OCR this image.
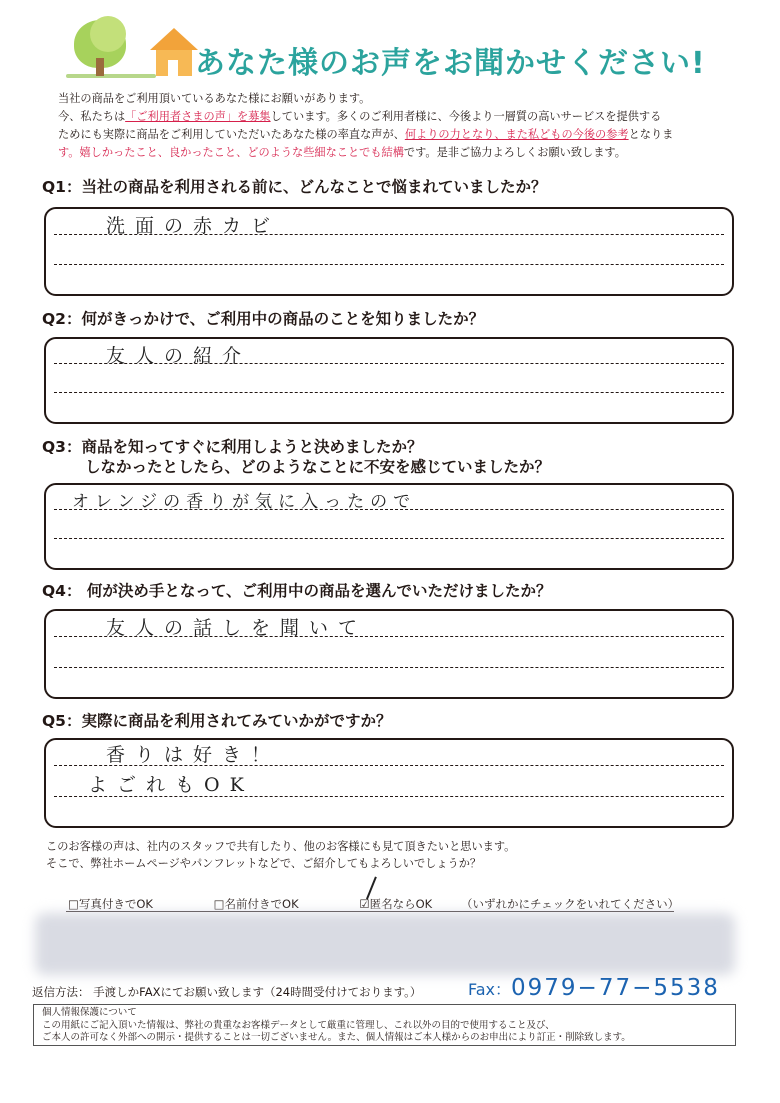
あなた様のお声をお聞かせください!

当社の商品をご利用頂いているあなた様にお願いがあります。

今、私たちは「ご利用者さまの声」を募集しています。多くのご利用者様に、今後より一層質の高いサービスを提供する

ためにも実際に商品をご利用していただいたあなた様の率直な声が、何よりの力となり、また私どもの今後の参考となりま

す。嬉しかったこと、良かったこと、どのような些細なことでも結構です。是非ご協力よろしくお願い致します。

Q1：当社の商品を利用される前に、どんなことで悩まれていましたか？
洗面の赤カビ
Q2：何がきっかけで、ご利用中の商品のことを知りましたか？
友人の紹介
Q3：商品を知ってすぐに利用しようと決めましたか？
しなかったとしたら、どのようなことに不安を感じていましたか？
オレンジの香りが気に入ったので
Q4： 何が決め手となって、ご利用中の商品を選んでいただけましたか？
友人の話しを聞いて
Q5：実際に商品を利用されてみていかがですか？
香りは好き！
よごれもOK

このお客様の声は、社内のスタッフで共有したり、他のお客様にも見て頂きたいと思います。

そこで、弊社ホームページやパンフレットなどで、ご紹介してもよろしいでしょうか？

□写真付きでOK	□名前付きでOK	☑匿名ならOK	（いずれかにチェックをいれてください）
返信方法： 手渡しかFAXにてお願い致します（24時間受付けております。）	Fax：0979−77−5538

個人情報保護について

この用紙にご記入頂いた情報は、弊社の貴重なお客様データとして厳重に管理し、これ以外の目的で使用すること及び、

ご本人の許可なく外部への開示・提供することは一切ございません。また、個人情報はご本人様からのお申出により訂正・削除致します。
